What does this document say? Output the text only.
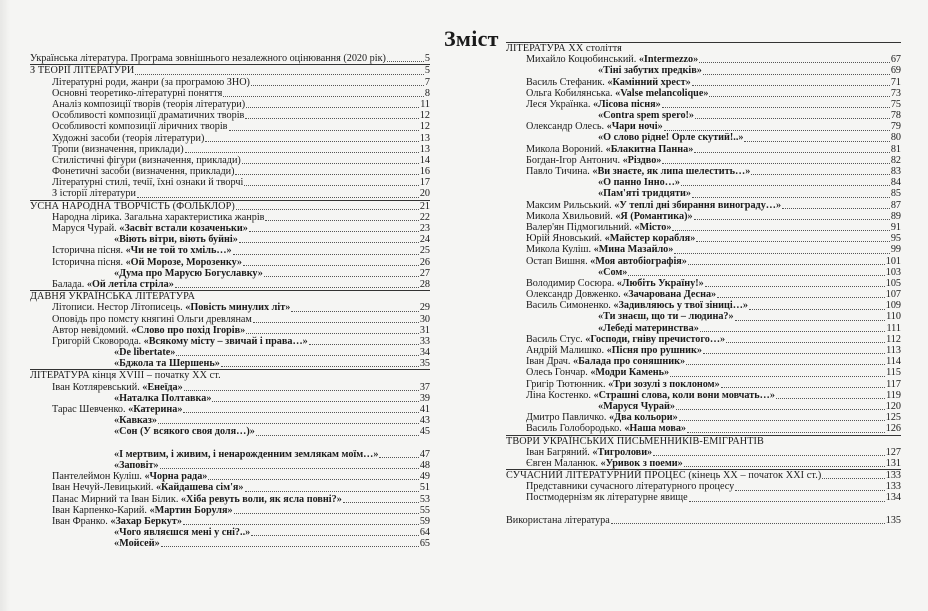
Зміст
Українська література. Програма зовнішнього незалежного оцінювання (2020 рік)	5
З ТЕОРІЇ ЛІТЕРАТУРИ	5
Літературні роди, жанри (за програмою ЗНО)	7
Основні теоретико-літературні поняття	8
Аналіз композиції творів (теорія літератури)	11
Особливості композиції драматичних творів	12
Особливості композиції ліричних творів	12
Художні засоби (теорія літератури)	13
Тропи (визначення, приклади)	13
Стилістичні фігури (визначення, приклади)	14
Фонетичні засоби (визначення, приклади)	16
Літературні стилі, течії, їхні ознаки й творчі	17
З історії літератури	20
УСНА НАРОДНА ТВОРЧІСТЬ (ФОЛЬКЛОР)	21
Народна лірика. Загальна характеристика жанрів	22
Маруся Чурай. «Засвіт встали козаченьки»	23
«Віють вітри, віють буйні»	24
Історична пісня. «Чи не той то хміль…»	25
Історична пісня. «Ой Морозе, Морозенку»	26
«Дума про Марусю Богуславку»	27
Балада. «Ой летіла стріла»	28
ДАВНЯ УКРАЇНСЬКА ЛІТЕРАТУРА
Літописи. Нестор Літописець. «Повість минулих літ»	29
Оповідь про помсту княгині Ольги древлянам	30
Автор невідомий. «Слово про похід Ігорів»	31
Григорій Сковорода. «Всякому місту – звичай і права…»	33
«De libertate»	34
«Бджола та Шершень»	35
ЛІТЕРАТУРА кінця XVIII – початку XX ст.
Іван Котляревський. «Енеїда»	37
«Наталка Полтавка»	39
Тарас Шевченко. «Катерина»	41
«Кавказ»	43
«Сон (У всякого своя доля…)»	45
«І мертвим, і живим, і ненарожденним землякам моїм…»	47
«Заповіт»	48
Пантелеймон Куліш. «Чорна рада»	49
Іван Нечуй-Левицький. «Кайдашева сім'я»	51
Панас Мирний та Іван Білик. «Хіба ревуть воли, як ясла повні?»	53
Іван Карпенко-Карий. «Мартин Боруля»	55
Іван Франко. «Захар Беркут»	59
«Чого являєшся мені у сні?..»	64
«Мойсей»	65
ЛІТЕРАТУРА XX століття
Михайло Коцюбинський. «Intermezzo»	67
«Тіні забутих предків»	69
Василь Стефаник. «Камінний хрест»	71
Ольга Кобилянська. «Valse melancolique»	73
Леся Українка. «Лісова пісня»	75
«Contra spem spero!»	78
Олександр Олесь. «Чари ночі»	79
«О слово рідне! Орле скутий!..»	80
Микола Вороний. «Блакитна Панна»	81
Богдан-Ігор Антонич. «Різдво»	82
Павло Тичина. «Ви знаєте, як липа шелестить…»	83
«О панно Інно…»	84
«Пам'яті тридцяти»	85
Максим Рильський. «У теплі дні збирання винограду…»	87
Микола Хвильовий. «Я (Романтика)»	89
Валер'ян Підмогильний. «Місто»	91
Юрій Яновський. «Майстер корабля»	95
Микола Куліш. «Мина Мазайло»	99
Остап Вишня. «Моя автобіографія»	101
«Сом»	103
Володимир Сосюра. «Любіть Україну!»	105
Олександр Довженко. «Зачарована Десна»	107
Василь Симоненко. «Задивляюсь у твої зіниці…»	109
«Ти знаєш, що ти – людина?»	110
«Лебеді материнства»	111
Василь Стус. «Господи, гніву пречистого…»	112
Андрій Малишко. «Пісня про рушник»	113
Іван Драч. «Балада про соняшник»	114
Олесь Гончар. «Модри Камень»	115
Григір Тютюнник. «Три зозулі з поклоном»	117
Ліна Костенко. «Страшні слова, коли вони мовчать…»	119
«Маруся Чурай»	120
Дмитро Павличко. «Два кольори»	125
Василь Голобородько. «Наша мова»	126
ТВОРИ УКРАЇНСЬКИХ ПИСЬМЕННИКІВ-ЕМІГРАНТІВ
Іван Багряний. «Тигролови»	127
Євген Маланюк. «Уривок з поеми»	131
СУЧАСНИЙ ЛІТЕРАТУРНИЙ ПРОЦЕС (кінець XX – початок XXI ст.)	133
Представники сучасного літературного процесу	133
Постмодернізм як літературне явище	134
Використана література	135
